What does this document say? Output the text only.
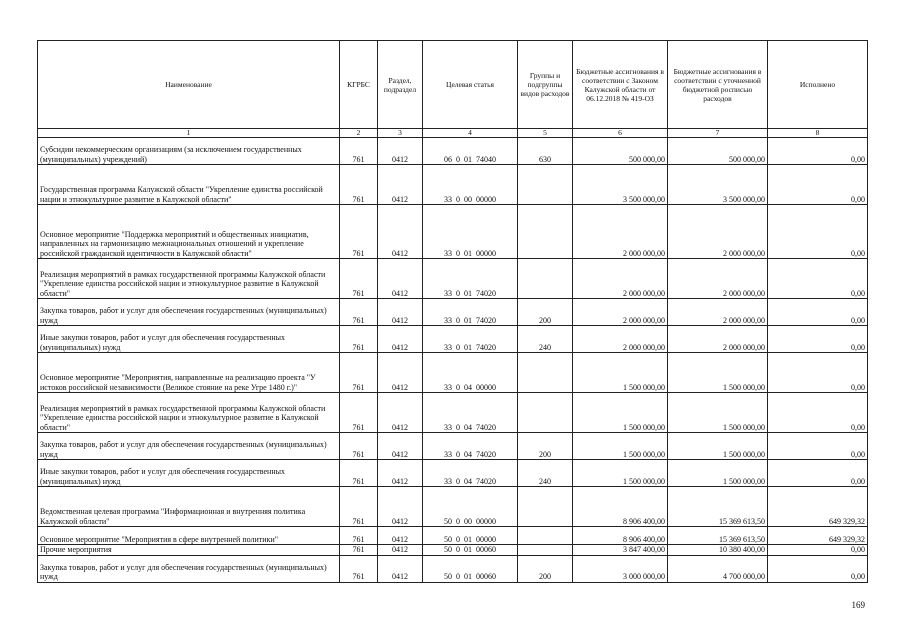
Наименование	КГРБС	Раздел, подраздел	Целевая статья	Группы и подгруппы видов расходов	Бюджетные ассигнования в соответствии с Законом Калужской области от 06.12.2018 № 419-ОЗ	Бюджетные ассигнования в соответствии с уточненной бюджетной росписью расходов	Исполнено
1	2	3	4	5	6	7	8
Субсидии некоммерческим организациям (за исключением государственных (муниципальных) учреждений)	761	0412	06  0  01  74040	630	500 000,00	500 000,00	0,00
Государственная программа Калужской области "Укрепление единства российской нации и этнокультурное развитие в Калужской области"	761	0412	33  0  00  00000		3 500 000,00	3 500 000,00	0,00
Основное мероприятие "Поддержка мероприятий и общественных инициатив, направленных на гармонизацию межнациональных отношений и укрепление российской гражданской идентичности в Калужской области"	761	0412	33  0  01  00000		2 000 000,00	2 000 000,00	0,00
Реализация мероприятий в рамках государственной программы Калужской области "Укрепление единства российской нации и этнокультурное развитие в Калужской области"	761	0412	33  0  01  74020		2 000 000,00	2 000 000,00	0,00
Закупка товаров, работ и услуг для обеспечения государственных (муниципальных) нужд	761	0412	33  0  01  74020	200	2 000 000,00	2 000 000,00	0,00
Иные закупки товаров, работ и услуг для обеспечения государственных (муниципальных) нужд	761	0412	33  0  01  74020	240	2 000 000,00	2 000 000,00	0,00
Основное мероприятие "Мероприятия, направленные на реализацию проекта "У истоков российской независимости (Великое стояние на реке Угре 1480 г.)"	761	0412	33  0  04  00000		1 500 000,00	1 500 000,00	0,00
Реализация мероприятий в рамках государственной программы Калужской области "Укрепление единства российской нации и этнокультурное развитие в Калужской области"	761	0412	33  0  04  74020		1 500 000,00	1 500 000,00	0,00
Закупка товаров, работ и услуг для обеспечения государственных (муниципальных) нужд	761	0412	33  0  04  74020	200	1 500 000,00	1 500 000,00	0,00
Иные закупки товаров, работ и услуг для обеспечения государственных (муниципальных) нужд	761	0412	33  0  04  74020	240	1 500 000,00	1 500 000,00	0,00
Ведомственная целевая программа "Информационная и внутренняя политика Калужской области"	761	0412	50  0  00  00000		8 906 400,00	15 369 613,50	649 329,32
Основное мероприятие "Мероприятия в сфере внутренней политики"	761	0412	50  0  01  00000		8 906 400,00	15 369 613,50	649 329,32
Прочие мероприятия	761	0412	50  0  01  00060		3 847 400,00	10 380 400,00	0,00
Закупка товаров, работ и услуг для обеспечения государственных (муниципальных) нужд	761	0412	50  0  01  00060	200	3 000 000,00	4 700 000,00	0,00
169
